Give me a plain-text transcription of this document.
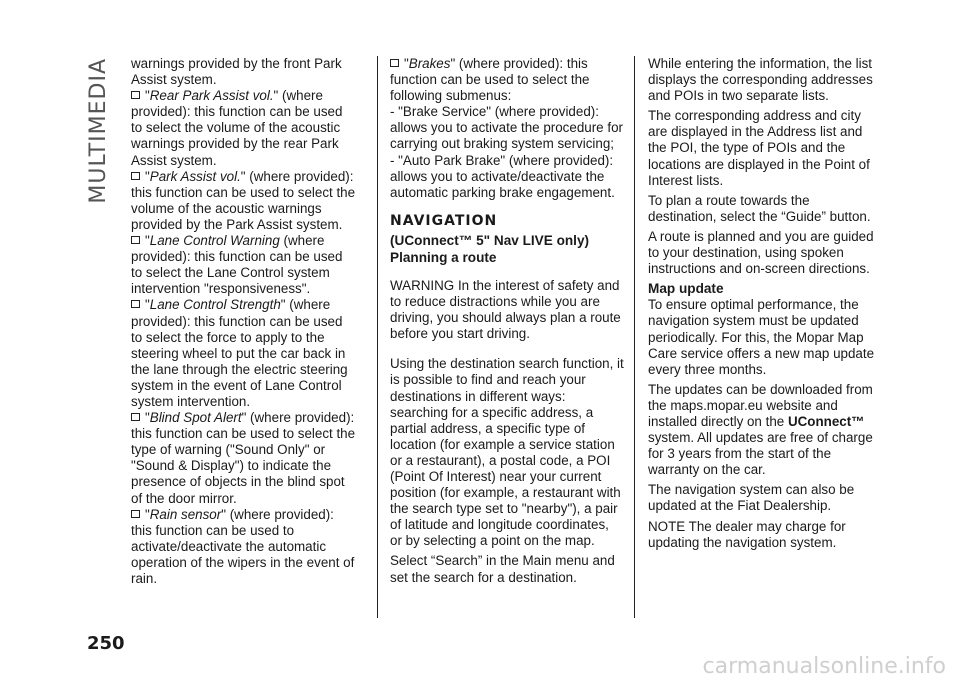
MULTIMEDIA warnings provided by the front Park Assist system.

"Rear Park Assist vol." (where provided): this function can be used to select the volume of the acoustic warnings provided by the rear Park Assist system.

"Park Assist vol." (where provided): this function can be used to select the volume of the acoustic warnings provided by the Park Assist system.

"Lane Control Warning (where provided): this function can be used to select the Lane Control system intervention "responsiveness".

"Lane Control Strength" (where provided): this function can be used to select the force to apply to the steering wheel to put the car back in the lane through the electric steering system in the event of Lane Control system intervention.

"Blind Spot Alert" (where provided): this function can be used to select the type of warning ("Sound Only" or "Sound & Display") to indicate the presence of objects in the blind spot of the door mirror.

"Rain sensor" (where provided): this function can be used to activate/deactivate the automatic operation of the wipers in the event of rain.

"Brakes" (where provided): this function can be used to select the following submenus:

- "Brake Service" (where provided): allows you to activate the procedure for carrying out braking system servicing;

- "Auto Park Brake" (where provided): allows you to activate/deactivate the automatic parking brake engagement.

NAVIGATION

(UConnect™ 5" Nav LIVE only)

Planning a route

WARNING In the interest of safety and to reduce distractions while you are driving, you should always plan a route before you start driving.

Using the destination search function, it is possible to find and reach your destinations in different ways: searching for a specific address, a partial address, a specific type of location (for example a service station or a restaurant), a postal code, a POI (Point Of Interest) near your current position (for example, a restaurant with the search type set to "nearby"), a pair of latitude and longitude coordinates, or by selecting a point on the map.

Select “Search” in the Main menu and set the search for a destination.

While entering the information, the list displays the corresponding addresses and POIs in two separate lists.

The corresponding address and city are displayed in the Address list and the POI, the type of POIs and the locations are displayed in the Point of Interest lists.

To plan a route towards the destination, select the “Guide” button.

A route is planned and you are guided to your destination, using spoken instructions and on-screen directions.

Map update

To ensure optimal performance, the navigation system must be updated periodically. For this, the Mopar Map Care service offers a new map update every three months.

The updates can be downloaded from the maps.mopar.eu website and installed directly on the UConnect™ system. All updates are free of charge for 3 years from the start of the warranty on the car.

The navigation system can also be updated at the Fiat Dealership.

NOTE The dealer may charge for updating the navigation system.

250
carmanualsonline.info
